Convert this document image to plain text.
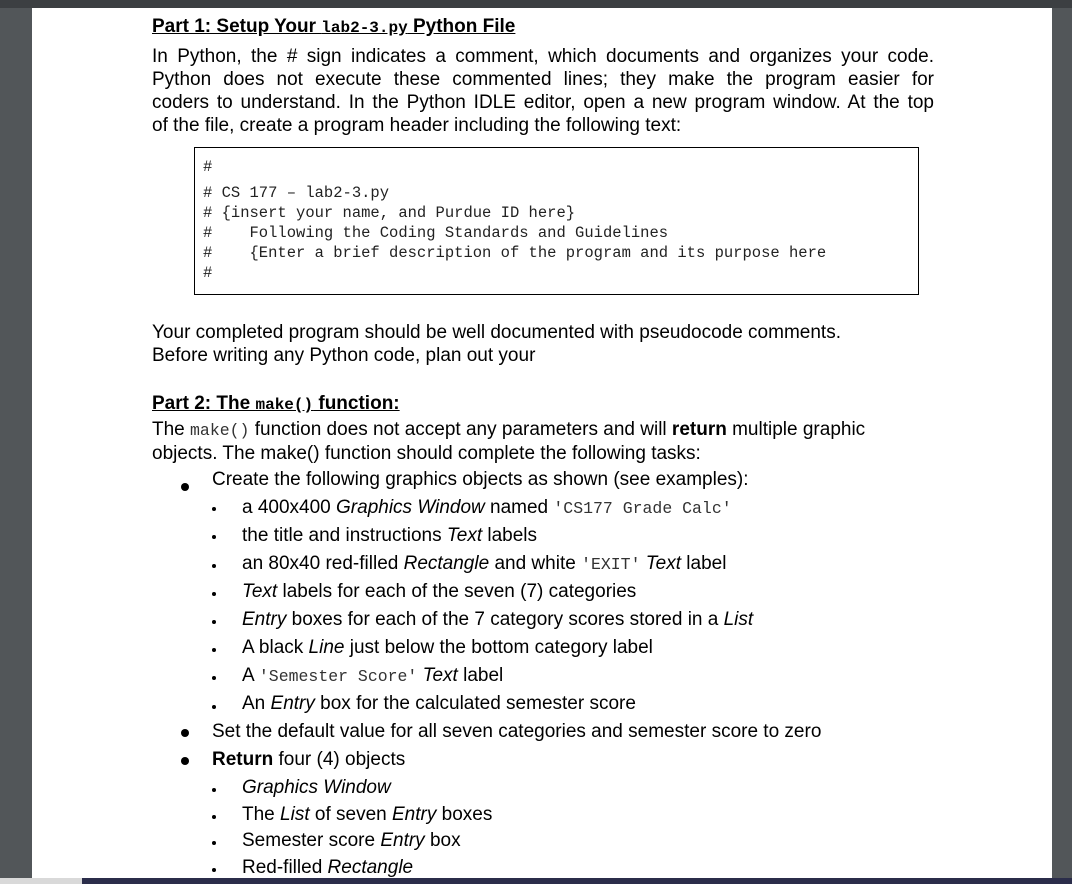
Part 1: Setup Your lab2-3.py Python File
In Python, the # sign indicates a comment, which documents and organizes your code.
Python does not execute these commented lines; they make the program easier for
coders to understand. In the Python IDLE editor, open a new program window. At the top
of the file, create a program header including the following text:
#
# CS 177 – lab2-3.py
# {insert your name, and Purdue ID here}
#    Following the Coding Standards and Guidelines
#    {Enter a brief description of the program and its purpose here
#
Your completed program should be well documented with pseudocode comments.
Before writing any Python code, plan out your
Part 2: The make() function:
The make() function does not accept any parameters and will return multiple graphic
objects. The make() function should complete the following tasks:
Create the following graphics objects as shown (see examples):
a 400x400 Graphics Window named 'CS177 Grade Calc'
the title and instructions Text labels
an 80x40 red-filled Rectangle and white 'EXIT' Text label
Text labels for each of the seven (7) categories
Entry boxes for each of the 7 category scores stored in a List
A black Line just below the bottom category label
A 'Semester Score' Text label
An Entry box for the calculated semester score
Set the default value for all seven categories and semester score to zero
Return four (4) objects
Graphics Window
The List of seven Entry boxes
Semester score Entry box
Red-filled Rectangle
